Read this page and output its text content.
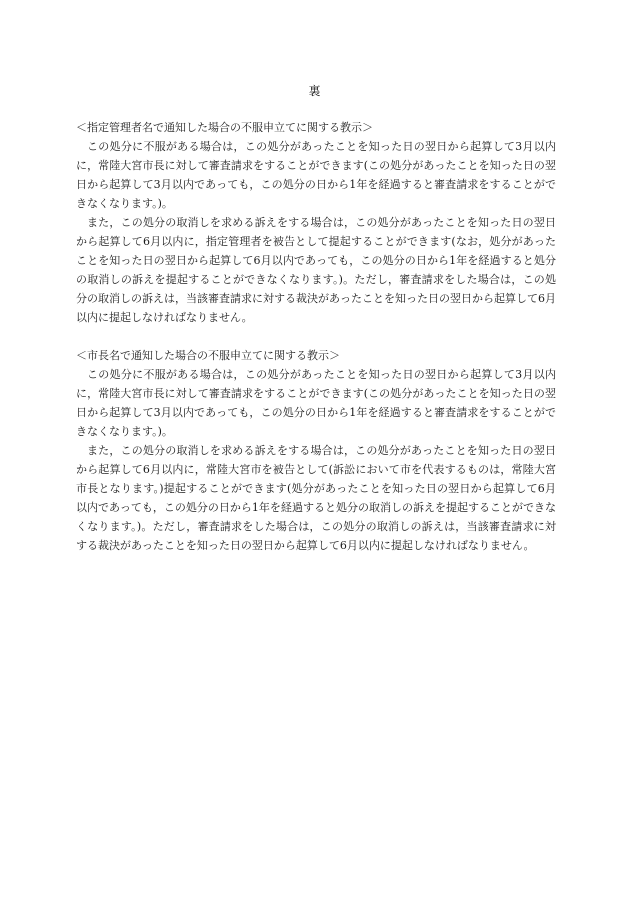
裏

＜指定管理者名で通知した場合の不服申立てに関する教示＞

この処分に不服がある場合は，この処分があったことを知った日の翌日から起算して3月以内に，常陸大宮市長に対して審査請求をすることができます(この処分があったことを知った日の翌日から起算して3月以内であっても，この処分の日から1年を経過すると審査請求をすることができなくなります。)。

また，この処分の取消しを求める訴えをする場合は，この処分があったことを知った日の翌日から起算して6月以内に，指定管理者を被告として提起することができます(なお，処分があったことを知った日の翌日から起算して6月以内であっても，この処分の日から1年を経過すると処分の取消しの訴えを提起することができなくなります。)。ただし，審査請求をした場合は，この処分の取消しの訴えは，当該審査請求に対する裁決があったことを知った日の翌日から起算して6月以内に提起しなければなりません。

＜市長名で通知した場合の不服申立てに関する教示＞

この処分に不服がある場合は，この処分があったことを知った日の翌日から起算して3月以内に，常陸大宮市長に対して審査請求をすることができます(この処分があったことを知った日の翌日から起算して3月以内であっても，この処分の日から1年を経過すると審査請求をすることができなくなります。)。

また，この処分の取消しを求める訴えをする場合は，この処分があったことを知った日の翌日から起算して6月以内に，常陸大宮市を被告として(訴訟において市を代表するものは，常陸大宮市長となります。)提起することができます(処分があったことを知った日の翌日から起算して6月以内であっても，この処分の日から1年を経過すると処分の取消しの訴えを提起することができなくなります。)。ただし，審査請求をした場合は，この処分の取消しの訴えは，当該審査請求に対する裁決があったことを知った日の翌日から起算して6月以内に提起しなければなりません。
